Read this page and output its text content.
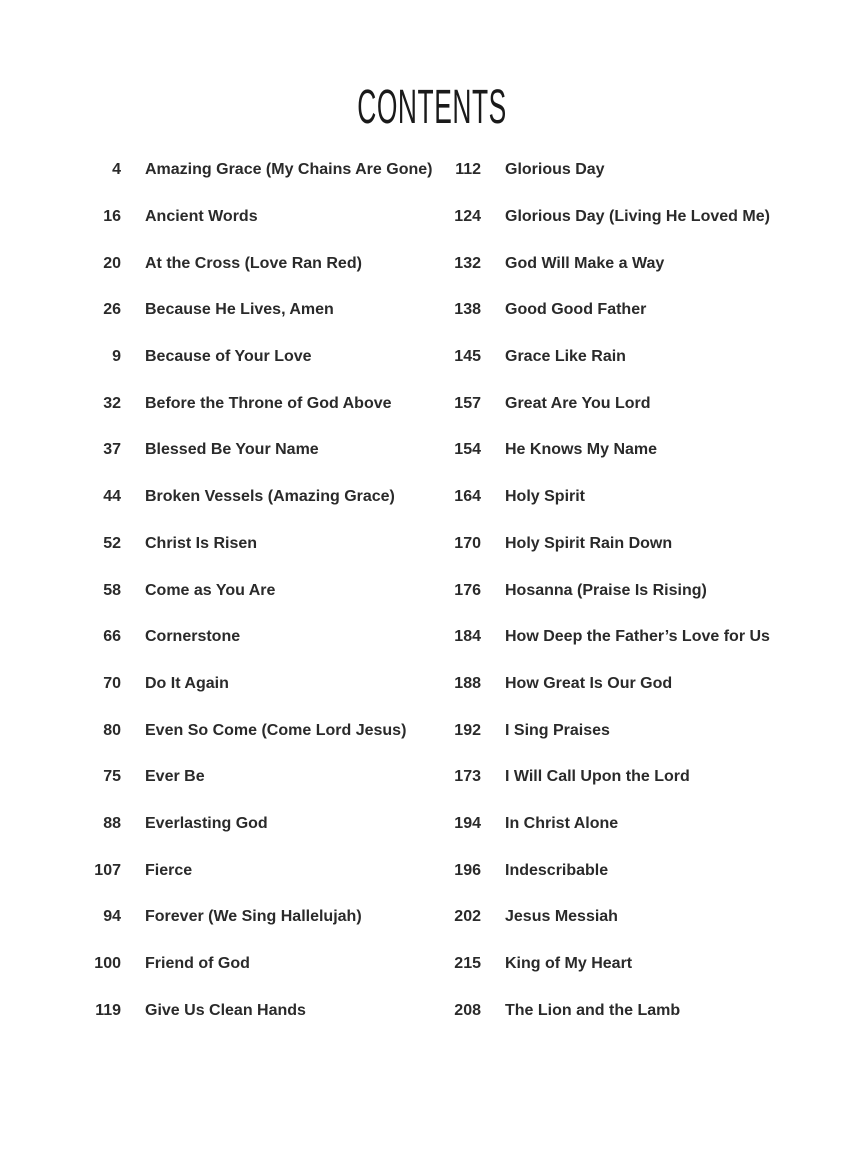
CONTENTS
4 Amazing Grace (My Chains Are Gone)
16 Ancient Words
20 At the Cross (Love Ran Red)
26 Because He Lives, Amen
9 Because of Your Love
32 Before the Throne of God Above
37 Blessed Be Your Name
44 Broken Vessels (Amazing Grace)
52 Christ Is Risen
58 Come as You Are
66 Cornerstone
70 Do It Again
80 Even So Come (Come Lord Jesus)
75 Ever Be
88 Everlasting God
107 Fierce
94 Forever (We Sing Hallelujah)
100 Friend of God
119 Give Us Clean Hands
112 Glorious Day
124 Glorious Day (Living He Loved Me)
132 God Will Make a Way
138 Good Good Father
145 Grace Like Rain
157 Great Are You Lord
154 He Knows My Name
164 Holy Spirit
170 Holy Spirit Rain Down
176 Hosanna (Praise Is Rising)
184 How Deep the Father’s Love for Us
188 How Great Is Our God
192 I Sing Praises
173 I Will Call Upon the Lord
194 In Christ Alone
196 Indescribable
202 Jesus Messiah
215 King of My Heart
208 The Lion and the Lamb
